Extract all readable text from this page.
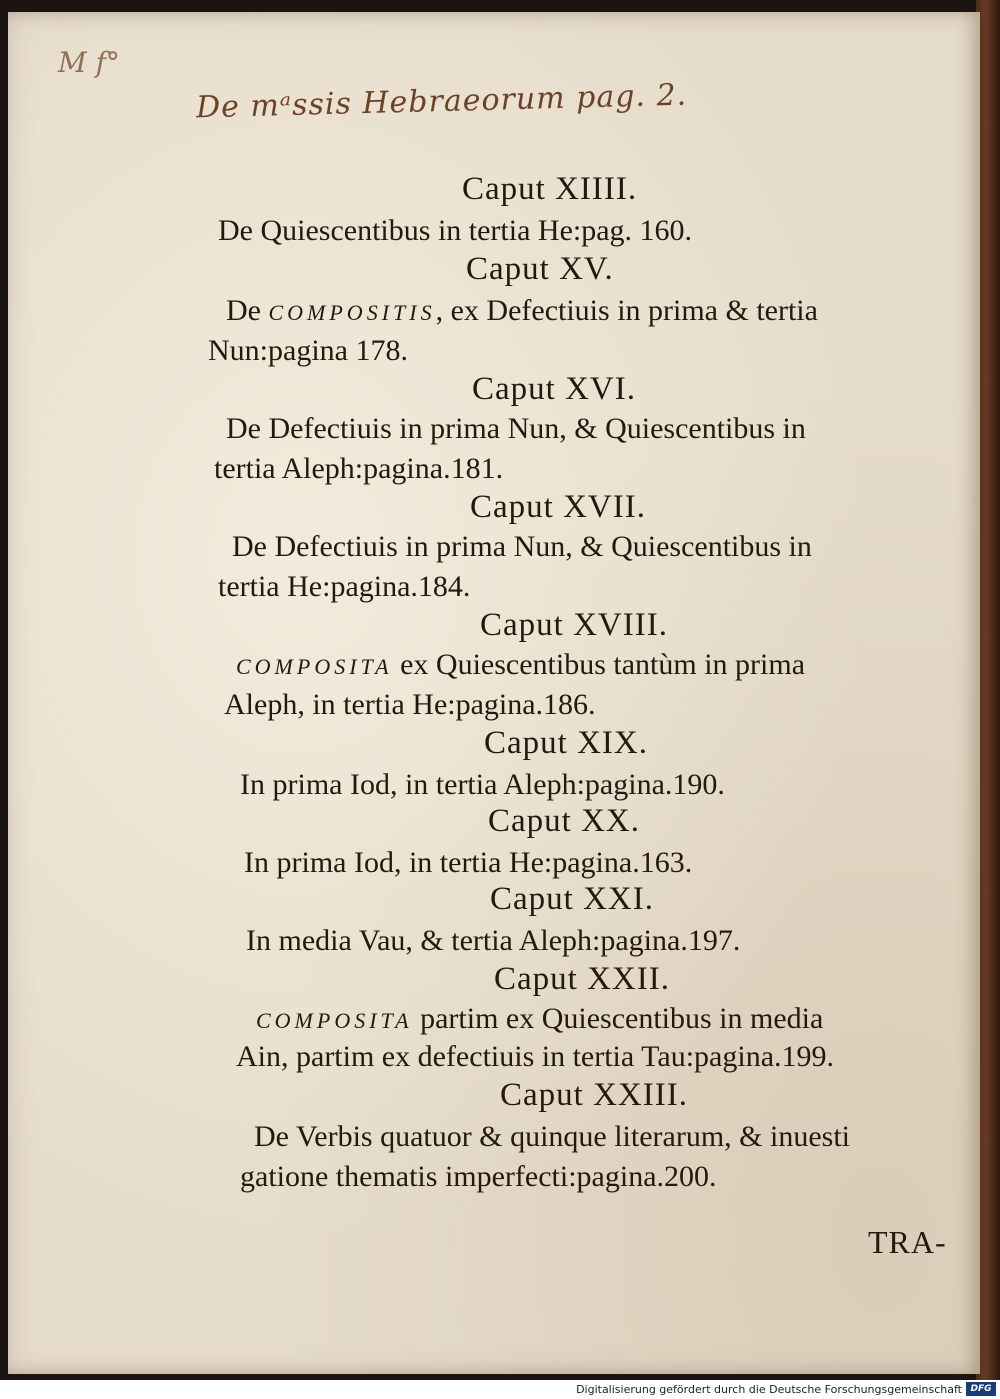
M f°
De mᵃssis Hebraeorum pag. 2.
Caput XIIII.
De Quiescentibus in tertia He:pag. 160.
Caput XV.
De COMPOSITIS, ex Defectiuis in prima & tertia
Nun:pagina 178.
Caput XVI.
De Defectiuis in prima Nun, & Quiescentibus in
tertia Aleph:pagina.181.
Caput XVII.
De Defectiuis in prima Nun, & Quiescentibus in
tertia He:pagina.184.
Caput XVIII.
COMPOSITA ex Quiescentibus tantùm in prima
Aleph, in tertia He:pagina.186.
Caput XIX.
In prima Iod, in tertia Aleph:pagina.190.
Caput XX.
In prima Iod, in tertia He:pagina.163.
Caput XXI.
In media Vau, & tertia Aleph:pagina.197.
Caput XXII.
COMPOSITA partim ex Quiescentibus in media
Ain, partim ex defectiuis in tertia Tau:pagina.199.
Caput XXIII.
De Verbis quatuor & quinque literarum, & inuesti
gatione thematis imperfecti:pagina.200.
TRA-
Digitalisierung gefördert durch die Deutsche Forschungsgemeinschaft DFG
